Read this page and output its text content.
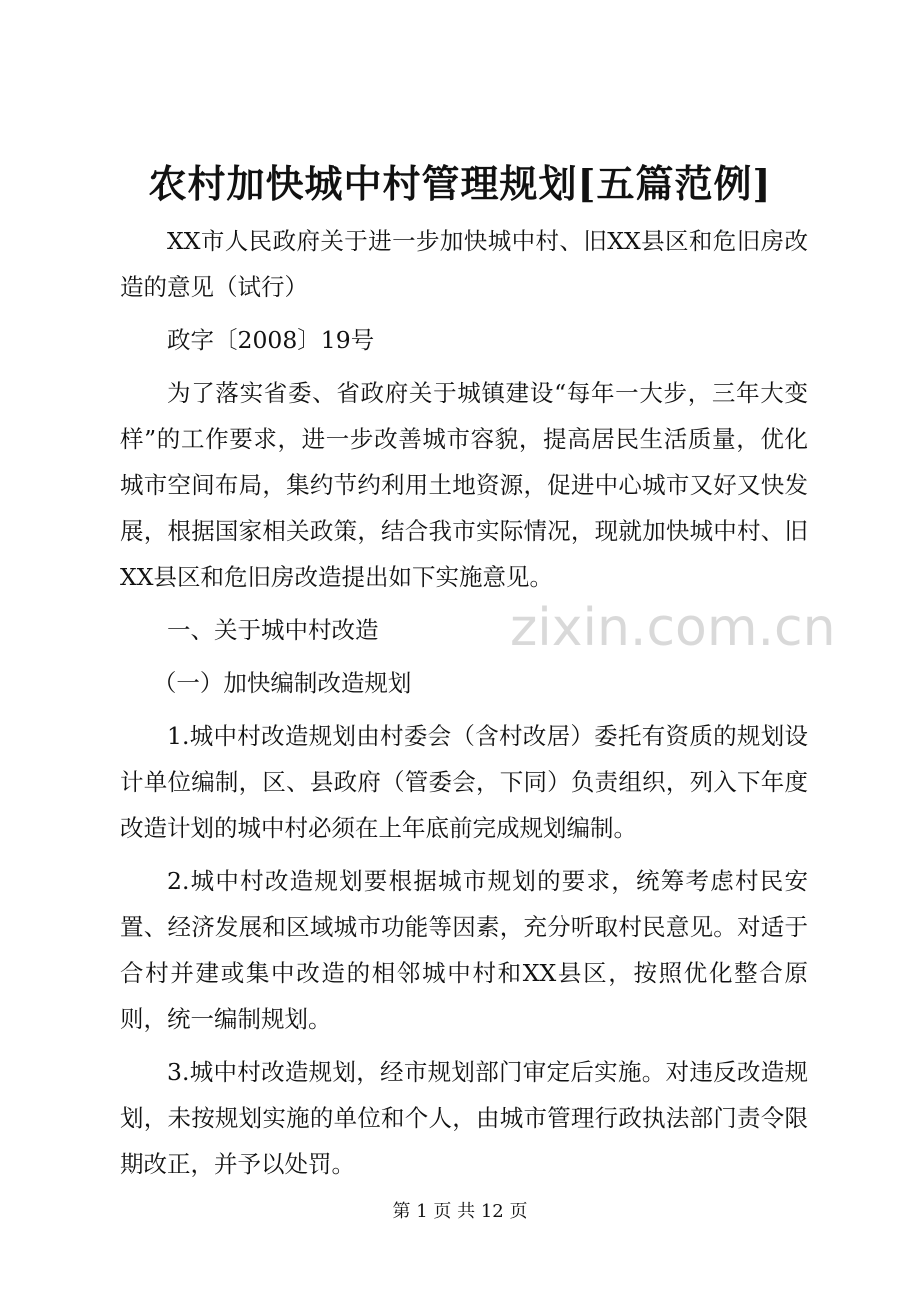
农村加快城中村管理规划[五篇范例]

XX市人民政府关于进一步加快城中村、旧XX县区和危旧房改造的意见（试行）

政字〔2008〕19号

为了落实省委、省政府关于城镇建设“每年一大步，三年大变样”的工作要求，进一步改善城市容貌，提高居民生活质量，优化城市空间布局，集约节约利用土地资源，促进中心城市又好又快发展，根据国家相关政策，结合我市实际情况，现就加快城中村、旧XX县区和危旧房改造提出如下实施意见。

一、关于城中村改造

（一）加快编制改造规划

1.城中村改造规划由村委会（含村改居）委托有资质的规划设计单位编制，区、县政府（管委会，下同）负责组织，列入下年度改造计划的城中村必须在上年底前完成规划编制。

2.城中村改造规划要根据城市规划的要求，统筹考虑村民安置、经济发展和区域城市功能等因素，充分听取村民意见。对适于合村并建或集中改造的相邻城中村和XX县区，按照优化整合原则，统一编制规划。

3.城中村改造规划，经市规划部门审定后实施。对违反改造规划，未按规划实施的单位和个人，由城市管理行政执法部门责令限期改正，并予以处罚。

zixin.com.cn
第 1 页 共 12 页
